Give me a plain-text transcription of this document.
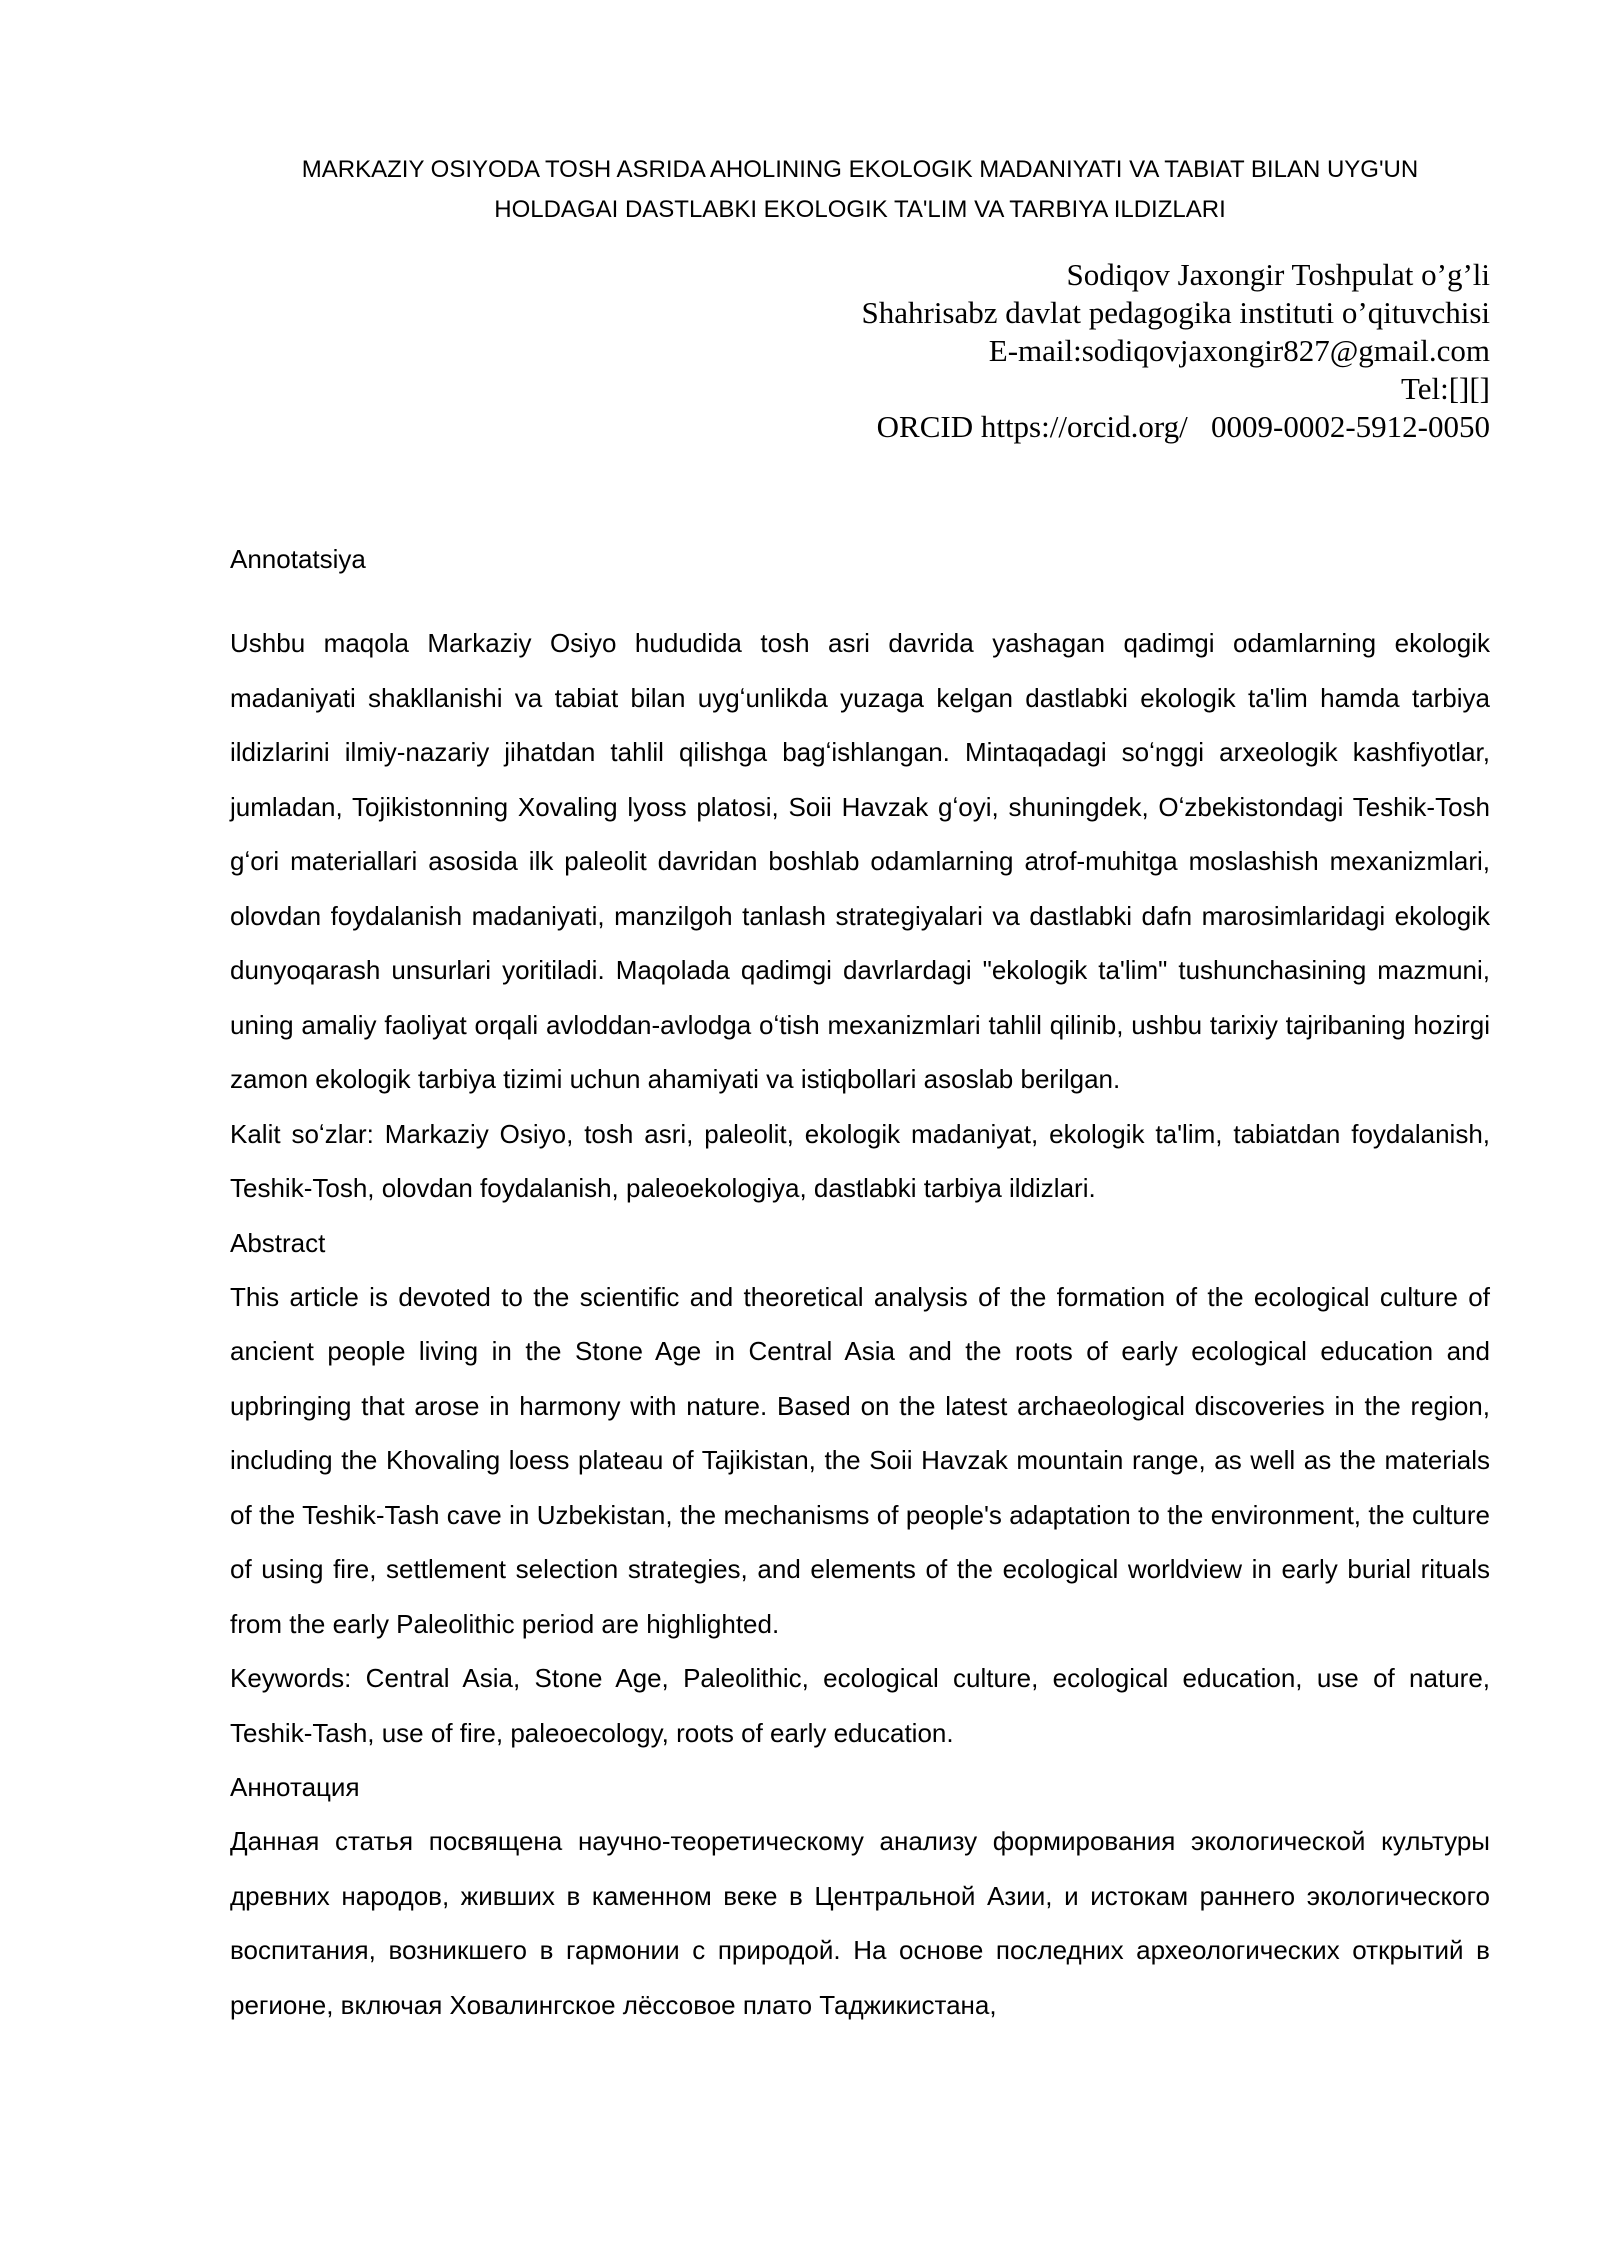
MARKAZIY OSIYODA TOSH ASRIDA AHOLINING EKOLOGIK MADANIYATI VA TABIAT BILAN UYG'UN
HOLDAGAI DASTLABKI EKOLOGIK TA'LIM VA TARBIYA ILDIZLARI
Sodiqov Jaxongir Toshpulat o’g’li
Shahrisabz davlat pedagogika instituti o’qituvchisi
E-mail:sodiqovjaxongir827@gmail.com
Tel:[][]
ORCID https://orcid.org/   0009-0002-5912-0050

Annotatsiya

Ushbu maqola Markaziy Osiyo hududida tosh asri davrida yashagan qadimgi odamlarning ekologik madaniyati shakllanishi va tabiat bilan uygʻunlikda yuzaga kelgan dastlabki ekologik ta'lim hamda tarbiya ildizlarini ilmiy-nazariy jihatdan tahlil qilishga bagʻishlangan. Mintaqadagi soʻnggi arxeologik kashfiyotlar, jumladan, Tojikistonning Xovaling lyoss platosi, Soii Havzak gʻoyi, shuningdek, Oʻzbekistondagi Teshik-Tosh gʻori materiallari asosida ilk paleolit davridan boshlab odamlarning atrof-muhitga moslashish mexanizmlari, olovdan foydalanish madaniyati, manzilgoh tanlash strategiyalari va dastlabki dafn marosimlaridagi ekologik dunyoqarash unsurlari yoritiladi. Maqolada qadimgi davrlardagi "ekologik ta'lim" tushunchasining mazmuni, uning amaliy faoliyat orqali avloddan-avlodga oʻtish mexanizmlari tahlil qilinib, ushbu tarixiy tajribaning hozirgi zamon ekologik tarbiya tizimi uchun ahamiyati va istiqbollari asoslab berilgan.

Kalit soʻzlar: Markaziy Osiyo, tosh asri, paleolit, ekologik madaniyat, ekologik ta'lim, tabiatdan foydalanish, Teshik-Tosh, olovdan foydalanish, paleoekologiya, dastlabki tarbiya ildizlari.

Abstract

This article is devoted to the scientific and theoretical analysis of the formation of the ecological culture of ancient people living in the Stone Age in Central Asia and the roots of early ecological education and upbringing that arose in harmony with nature. Based on the latest archaeological discoveries in the region, including the Khovaling loess plateau of Tajikistan, the Soii Havzak mountain range, as well as the materials of the Teshik-Tash cave in Uzbekistan, the mechanisms of people's adaptation to the environment, the culture of using fire, settlement selection strategies, and elements of the ecological worldview in early burial rituals from the early Paleolithic period are highlighted.

Keywords: Central Asia, Stone Age, Paleolithic, ecological culture, ecological education, use of nature, Teshik-Tash, use of fire, paleoecology, roots of early education.

Аннотация

Данная статья посвящена научно-теоретическому анализу формирования экологической культуры древних народов, живших в каменном веке в Центральной Азии, и истокам раннего экологического воспитания, возникшего в гармонии с природой. На основе последних археологических открытий в регионе, включая Ховалингское лёссовое плато Таджикистана,
